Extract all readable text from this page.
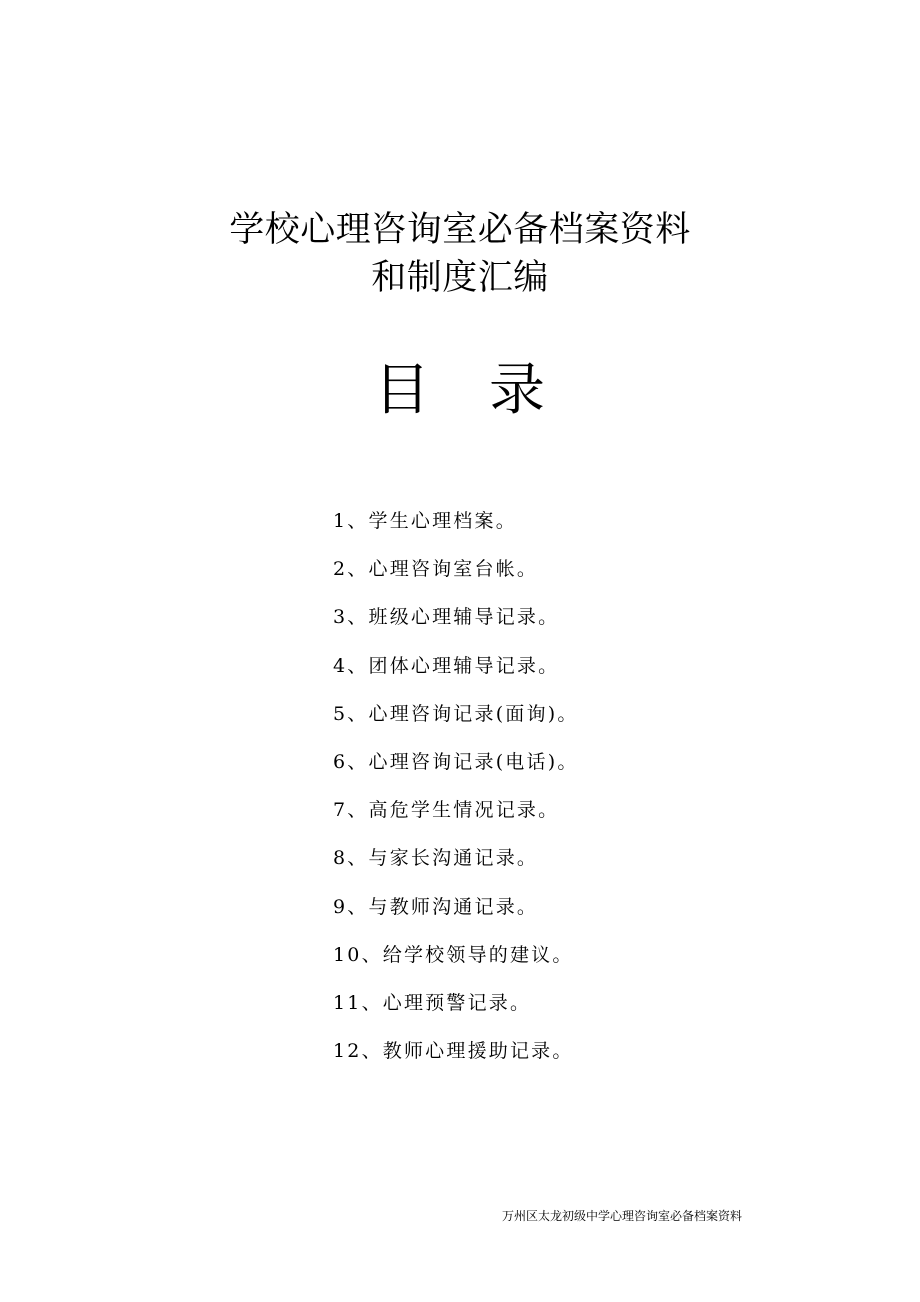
学校心理咨询室必备档案资料
和制度汇编
目 录
1、学生心理档案。
2、心理咨询室台帐。
3、班级心理辅导记录。
4、团体心理辅导记录。
5、心理咨询记录(面询)。
6、心理咨询记录(电话)。
7、高危学生情况记录。
8、与家长沟通记录。
9、与教师沟通记录。
10、给学校领导的建议。
11、心理预警记录。
12、教师心理援助记录。
万州区太龙初级中学心理咨询室必备档案资料
